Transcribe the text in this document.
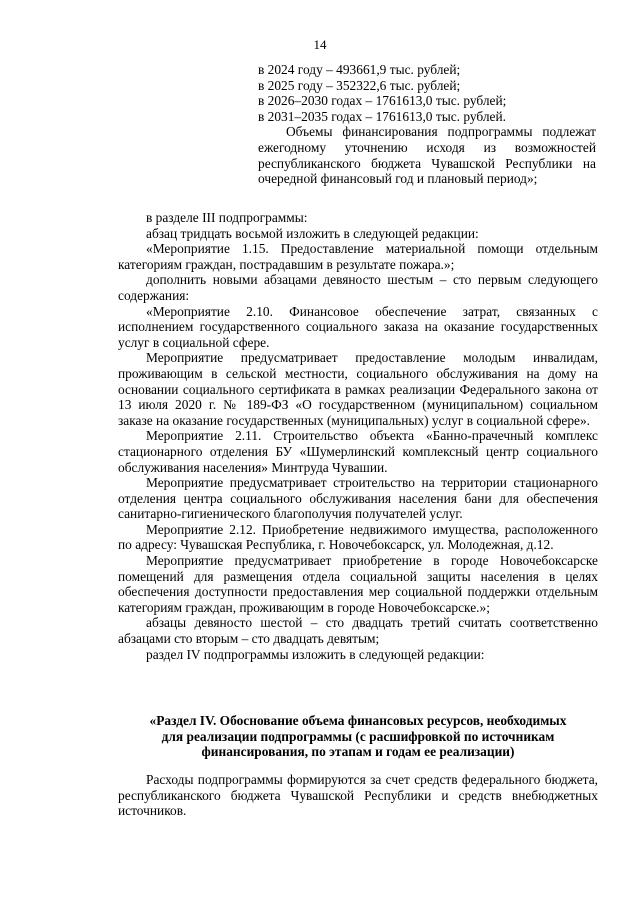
14

в 2024 году – 493661,9 тыс. рублей;

в 2025 году – 352322,6 тыс. рублей;

в 2026–2030 годах – 1761613,0 тыс. рублей;

в 2031–2035 годах – 1761613,0 тыс. рублей.

Объемы финансирования подпрограммы подлежат ежегодному уточнению исходя из возможностей республиканского бюджета Чувашской Республики на очередной финансовый год и плановый период»;

в разделе III подпрограммы:

абзац тридцать восьмой изложить в следующей редакции:

«Мероприятие 1.15. Предоставление материальной помощи отдельным категориям граждан, пострадавшим в результате пожара.»;

дополнить новыми абзацами девяносто шестым – сто первым следующего содержания:

«Мероприятие 2.10. Финансовое обеспечение затрат, связанных с исполнением государственного социального заказа на оказание государственных услуг в социальной сфере.

Мероприятие предусматривает предоставление молодым инвалидам, проживающим в сельской местности, социального обслуживания на дому на основании социального сертификата в рамках реализации Федерального закона от 13 июля 2020 г. № 189-ФЗ «О государственном (муниципальном) социальном заказе на оказание государственных (муниципальных) услуг в социальной сфере».

Мероприятие 2.11. Строительство объекта «Банно-прачечный комплекс стационарного отделения БУ «Шумерлинский комплексный центр социального обслуживания населения» Минтруда Чувашии.

Мероприятие предусматривает строительство на территории стационарного отделения центра социального обслуживания населения бани для обеспечения санитарно-гигиенического благополучия получателей услуг.

Мероприятие 2.12. Приобретение недвижимого имущества, расположенного по адресу: Чувашская Республика, г. Новочебоксарск, ул. Молодежная, д.12.

Мероприятие предусматривает приобретение в городе Новочебоксарске помещений для размещения отдела социальной защиты населения в целях обеспечения доступности предоставления мер социальной поддержки отдельным категориям граждан, проживающим в городе Новочебоксарске.»;

абзацы девяносто шестой – сто двадцать третий считать соответственно абзацами сто вторым – сто двадцать девятым;

раздел IV подпрограммы изложить в следующей редакции:

«Раздел IV. Обоснование объема финансовых ресурсов, необходимых

для реализации подпрограммы (с расшифровкой по источникам

финансирования, по этапам и годам ее реализации)

Расходы подпрограммы формируются за счет средств федерального бюджета, республиканского бюджета Чувашской Республики и средств внебюджетных источников.
